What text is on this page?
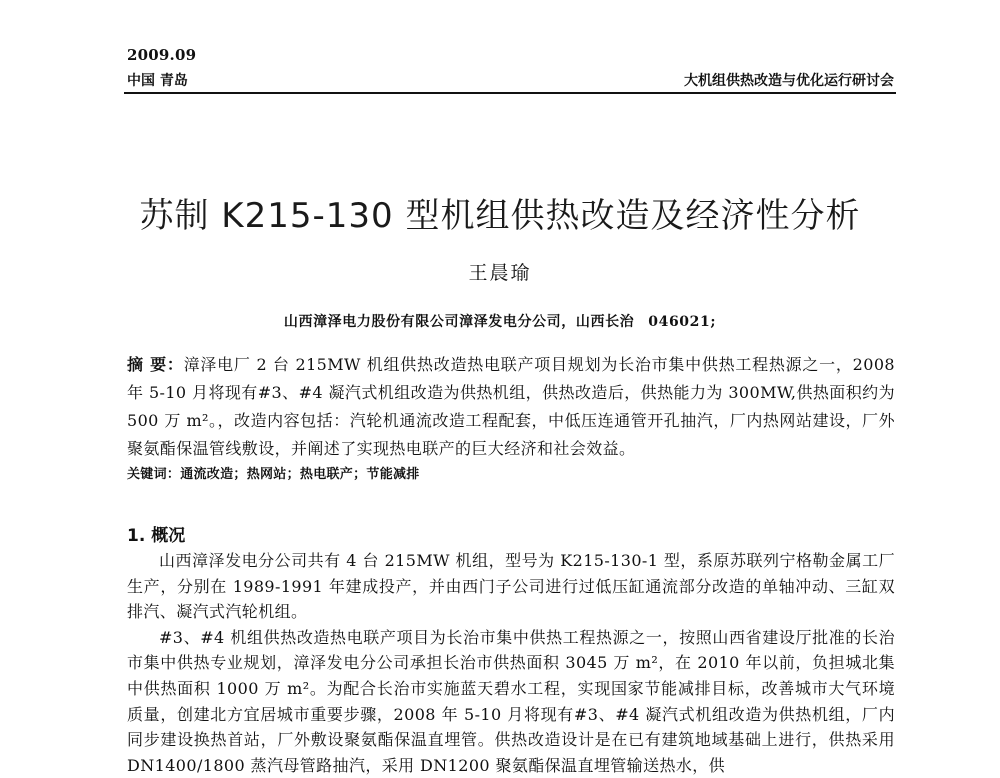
2009.09
中国 青岛	大机组供热改造与优化运行研讨会
苏制 K215-130 型机组供热改造及经济性分析
王晨瑜
山西漳泽电力股份有限公司漳泽发电分公司，山西长治 046021;
摘 要：漳泽电厂 2 台 215MW 机组供热改造热电联产项目规划为长治市集中供热工程热源之一，2008 年 5-10 月将现有#3、#4 凝汽式机组改造为供热机组，供热改造后，供热能力为 300MW,供热面积约为 500 万 m²。，改造内容包括：汽轮机通流改造工程配套，中低压连通管开孔抽汽，厂内热网站建设，厂外聚氨酯保温管线敷设，并阐述了实现热电联产的巨大经济和社会效益。
关键词：通流改造；热网站；热电联产；节能减排
1. 概况

山西漳泽发电分公司共有 4 台 215MW 机组，型号为 K215-130-1 型，系原苏联列宁格勒金属工厂生产，分别在 1989-1991 年建成投产，并由西门子公司进行过低压缸通流部分改造的单轴冲动、三缸双排汽、凝汽式汽轮机组。

#3、#4 机组供热改造热电联产项目为长治市集中供热工程热源之一，按照山西省建设厅批准的长治市集中供热专业规划，漳泽发电分公司承担长治市供热面积 3045 万 m²，在 2010 年以前，负担城北集中供热面积 1000 万 m²。为配合长治市实施蓝天碧水工程，实现国家节能减排目标，改善城市大气环境质量，创建北方宜居城市重要步骤，2008 年 5-10 月将现有#3、#4 凝汽式机组改造为供热机组，厂内同步建设换热首站，厂外敷设聚氨酯保温直埋管。供热改造设计是在已有建筑地域基础上进行，供热采用 DN1400/1800 蒸汽母管路抽汽，采用 DN1200 聚氨酯保温直埋管输送热水，供
